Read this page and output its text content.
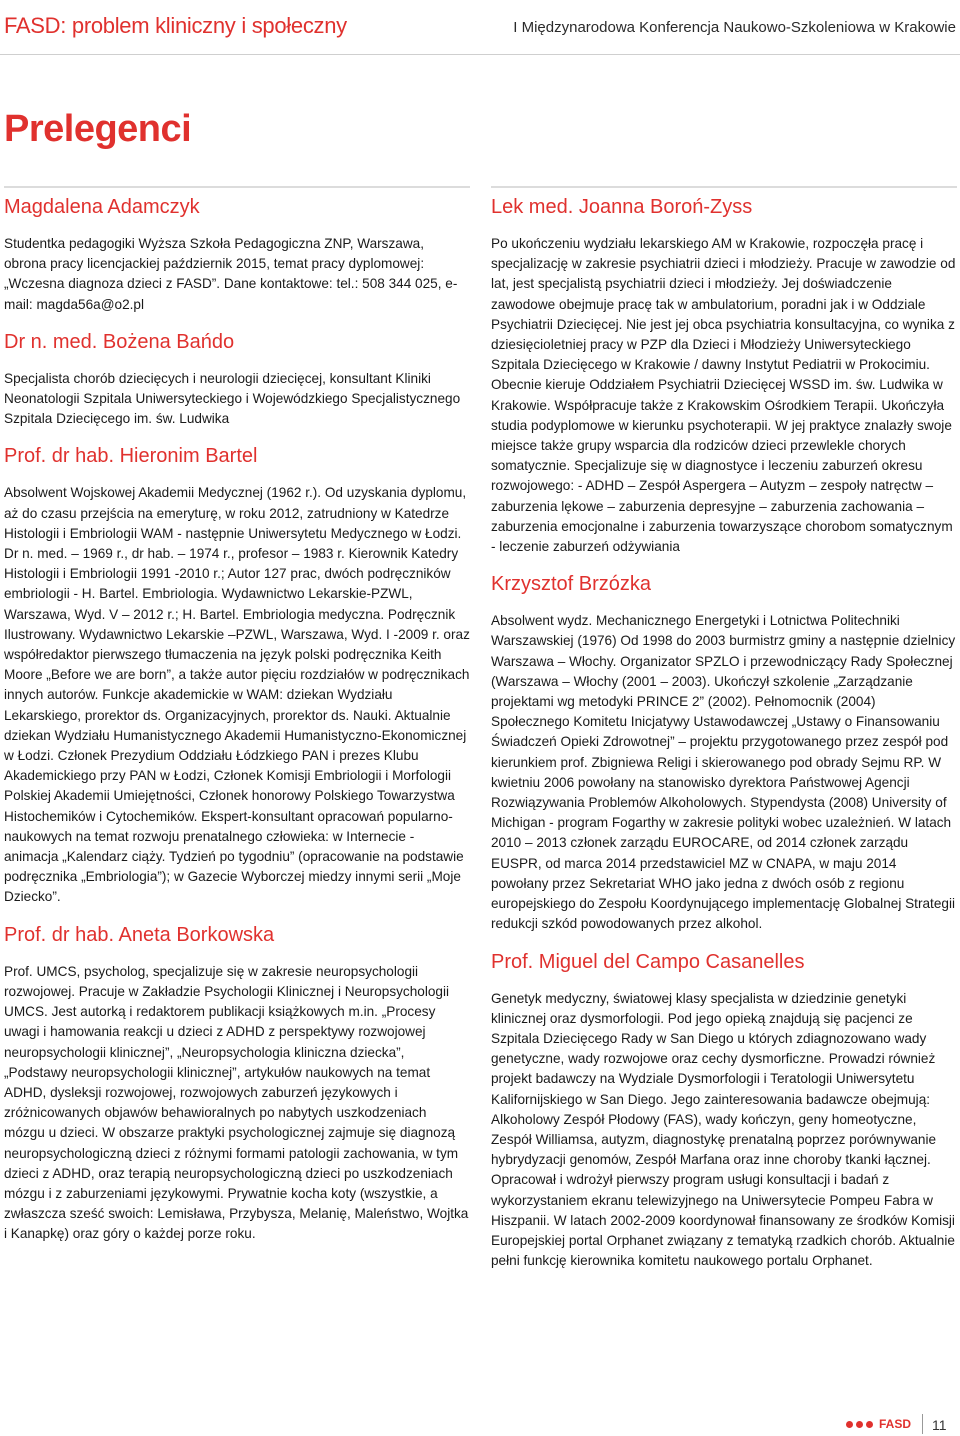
FASD: problem kliniczny i społeczny	I Międzynarodowa Konferencja Naukowo-Szkoleniowa w Krakowie
Prelegenci
Magdalena Adamczyk

Studentka pedagogiki Wyższa Szkoła Pedagogiczna ZNP, Warszawa, obrona pracy licencjackiej październik 2015, temat pracy dyplomowej: „Wczesna diagnoza dzieci z FASD”. Dane kontaktowe: tel.: 508 344 025, e- mail: magda56a@o2.pl

Dr n. med. Bożena Bańdo

Specjalista chorób dziecięcych i neurologii dziecięcej, konsultant Kliniki Neonatologii Szpitala Uniwersyteckiego i Wojewódzkiego Specjalistycznego Szpitala Dziecięcego im. św. Ludwika

Prof. dr hab. Hieronim Bartel

Absolwent Wojskowej Akademii Medycznej (1962 r.). Od uzyskania dyplomu, aż do czasu przejścia na emeryturę, w roku 2012, zatrudniony w Katedrze Histologii i Embriologii WAM - następnie Uniwersytetu Medycznego w Łodzi. Dr n. med. – 1969 r., dr hab. – 1974 r., profesor – 1983 r. Kierownik Katedry Histologii i Embriologii 1991 -2010 r.; Autor 127 prac, dwóch podręczników embriologii - H. Bartel. Embriologia. Wydawnictwo Lekarskie-PZWL, Warszawa, Wyd. V – 2012 r.; H. Bartel. Embriologia medyczna. Podręcznik Ilustrowany. Wydawnictwo Lekarskie –PZWL, Warszawa, Wyd. I -2009 r. oraz współredaktor pierwszego tłumaczenia na język polski podręcznika Keith Moore „Before we are born”, a także autor pięciu rozdziałów w podręcznikach innych autorów. Funkcje akademickie w WAM: dziekan Wydziału Lekarskiego, prorektor ds. Organizacyjnych, prorektor ds. Nauki. Aktualnie dziekan Wydziału Humanistycznego Akademii Humanistyczno-Ekonomicznej w Łodzi. Członek Prezydium Oddziału Łódzkiego PAN i prezes Klubu Akademickiego przy PAN w Łodzi, Członek Komisji Embriologii i Morfologii Polskiej Akademii Umiejętności, Członek honorowy Polskiego Towarzystwa Histochemików i Cytochemików. Ekspert-konsultant opracowań popularno-naukowych na temat rozwoju prenatalnego człowieka: w Internecie - animacja „Kalendarz ciąży. Tydzień po tygodniu” (opracowanie na podstawie podręcznika „Embriologia”); w Gazecie Wyborczej miedzy innymi serii „Moje Dziecko”.

Prof. dr hab. Aneta Borkowska

Prof. UMCS, psycholog, specjalizuje się w zakresie neuropsychologii rozwojowej. Pracuje w Zakładzie Psychologii Klinicznej i Neuropsychologii UMCS. Jest autorką i redaktorem publikacji książkowych m.in. „Procesy uwagi i hamowania reakcji u dzieci z ADHD z perspektywy rozwojowej neuropsychologii klinicznej”, „Neuropsychologia kliniczna dziecka”, „Podstawy neuropsychologii klinicznej”, artykułów naukowych na temat ADHD, dysleksji rozwojowej, rozwojowych zaburzeń językowych i zróżnicowanych objawów behawioralnych po nabytych uszkodzeniach mózgu u dzieci. W obszarze praktyki psychologicznej zajmuje się diagnozą neuropsychologiczną dzieci z różnymi formami patologii zachowania, w tym dzieci z ADHD, oraz terapią neuropsychologiczną dzieci po uszkodzeniach mózgu i z zaburzeniami językowymi. Prywatnie kocha koty (wszystkie, a zwłaszcza sześć swoich: Lemisława, Przybysza, Melanię, Maleństwo, Wojtka i Kanapkę) oraz góry o każdej porze roku.

Lek med. Joanna Boroń-Zyss

Po ukończeniu wydziału lekarskiego AM w Krakowie, rozpoczęła pracę i specjalizację w zakresie psychiatrii dzieci i młodzieży. Pracuje w zawodzie od lat, jest specjalistą psychiatrii dzieci i młodzieży. Jej doświadczenie zawodowe obejmuje pracę tak w ambulatorium, poradni jak i w Oddziale Psychiatrii Dziecięcej. Nie jest jej obca psychiatria konsultacyjna, co wynika z dziesięcioletniej pracy w PZP dla Dzieci i Młodzieży Uniwersyteckiego Szpitala Dziecięcego w Krakowie / dawny Instytut Pediatrii w Prokocimiu. Obecnie kieruje Oddziałem Psychiatrii Dziecięcej WSSD im. św. Ludwika w Krakowie. Współpracuje także z Krakowskim Ośrodkiem Terapii. Ukończyła studia podyplomowe w kierunku psychoterapii. W jej praktyce znalazły swoje miejsce także grupy wsparcia dla rodziców dzieci przewlekle chorych somatycznie. Specjalizuje się w diagnostyce i leczeniu zaburzeń okresu rozwojowego: - ADHD – Zespół Aspergera – Autyzm – zespoły natręctw – zaburzenia lękowe – zaburzenia depresyjne – zaburzenia zachowania – zaburzenia emocjonalne i zaburzenia towarzyszące chorobom somatycznym - leczenie zaburzeń odżywiania

Krzysztof Brzózka

Absolwent wydz. Mechanicznego Energetyki i Lotnictwa Politechniki Warszawskiej (1976) Od 1998 do 2003 burmistrz gminy a następnie dzielnicy Warszawa – Włochy. Organizator SPZLO i przewodniczący Rady Społecznej (Warszawa – Włochy (2001 – 2003). Ukończył szkolenie „Zarządzanie projektami wg metodyki PRINCE 2” (2002). Pełnomocnik (2004) Społecznego Komitetu Inicjatywy Ustawodawczej „Ustawy o Finansowaniu Świadczeń Opieki Zdrowotnej” – projektu przygotowanego przez zespół pod kierunkiem prof. Zbigniewa Religi i skierowanego pod obrady Sejmu RP. W kwietniu 2006 powołany na stanowisko dyrektora Państwowej Agencji Rozwiązywania Problemów Alkoholowych. Stypendysta (2008) University of Michigan - program Fogarthy w zakresie polityki wobec uzależnień. W latach 2010 – 2013 członek zarządu EUROCARE, od 2014 członek zarządu EUSPR, od marca 2014 przedstawiciel MZ w CNAPA, w maju 2014 powołany przez Sekretariat WHO jako jedna z dwóch osób z regionu europejskiego do Zespołu Koordynującego implementację Globalnej Strategii redukcji szkód powodowanych przez alkohol.

Prof. Miguel del Campo Casanelles

Genetyk medyczny, światowej klasy specjalista w dziedzinie genetyki klinicznej oraz dysmorfologii. Pod jego opieką znajdują się pacjenci ze Szpitala Dziecięcego Rady w San Diego u których zdiagnozowano wady genetyczne, wady rozwojowe oraz cechy dysmorficzne. Prowadzi również projekt badawczy na Wydziale Dysmorfologii i Teratologii Uniwersytetu Kalifornijskiego w San Diego. Jego zainteresowania badawcze obejmują: Alkoholowy Zespół Płodowy (FAS), wady kończyn, geny homeotyczne, Zespół Williamsa, autyzm, diagnostykę prenatalną poprzez porównywanie hybrydyzacji genomów, Zespół Marfana oraz inne choroby tkanki łącznej. Opracował i wdrożył pierwszy program usługi konsultacji i badań z wykorzystaniem ekranu telewizyjnego na Uniwersytecie Pompeu Fabra w Hiszpanii. W latach 2002-2009 koordynował finansowany ze środków Komisji Europejskiej portal Orphanet związany z tematyką rzadkich chorób. Aktualnie pełni funkcję kierownika komitetu naukowego portalu Orphanet.

FASD 11
